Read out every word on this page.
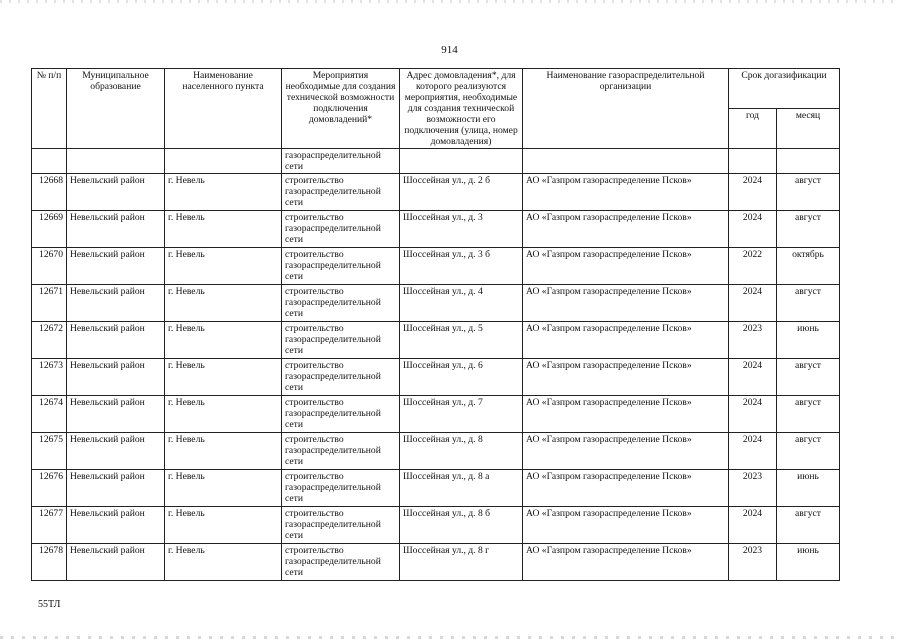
914
№ п/п	Муниципальное образование	Наименование населенного пункта	Мероприятия необходимые для создания технической возможности подключения домовладений*	Адрес домовладения*, для которого реализуются мероприятия, необходимые для создания технической возможности его подключения (улица, номер домовладения)	Наименование газораспределительной организации	Срок догазификации	
						год	месяц
			газораспределительной сети				
12668	Невельский район	г. Невель	строительство газораспределительной сети	Шоссейная ул., д. 2 б	АО «Газпром газораспределение Псков»	2024	август
12669	Невельский район	г. Невель	строительство газораспределительной сети	Шоссейная ул., д. 3	АО «Газпром газораспределение Псков»	2024	август
12670	Невельский район	г. Невель	строительство газораспределительной сети	Шоссейная ул., д. 3 б	АО «Газпром газораспределение Псков»	2022	октябрь
12671	Невельский район	г. Невель	строительство газораспределительной сети	Шоссейная ул., д. 4	АО «Газпром газораспределение Псков»	2024	август
12672	Невельский район	г. Невель	строительство газораспределительной сети	Шоссейная ул., д. 5	АО «Газпром газораспределение Псков»	2023	июнь
12673	Невельский район	г. Невель	строительство газораспределительной сети	Шоссейная ул., д. 6	АО «Газпром газораспределение Псков»	2024	август
12674	Невельский район	г. Невель	строительство газораспределительной сети	Шоссейная ул., д. 7	АО «Газпром газораспределение Псков»	2024	август
12675	Невельский район	г. Невель	строительство газораспределительной сети	Шоссейная ул., д. 8	АО «Газпром газораспределение Псков»	2024	август
12676	Невельский район	г. Невель	строительство газораспределительной сети	Шоссейная ул., д. 8 а	АО «Газпром газораспределение Псков»	2023	июнь
12677	Невельский район	г. Невель	строительство газораспределительной сети	Шоссейная ул., д. 8 б	АО «Газпром газораспределение Псков»	2024	август
12678	Невельский район	г. Невель	строительство газораспределительной сети	Шоссейная ул., д. 8 г	АО «Газпром газораспределение Псков»	2023	июнь
55ТЛ
